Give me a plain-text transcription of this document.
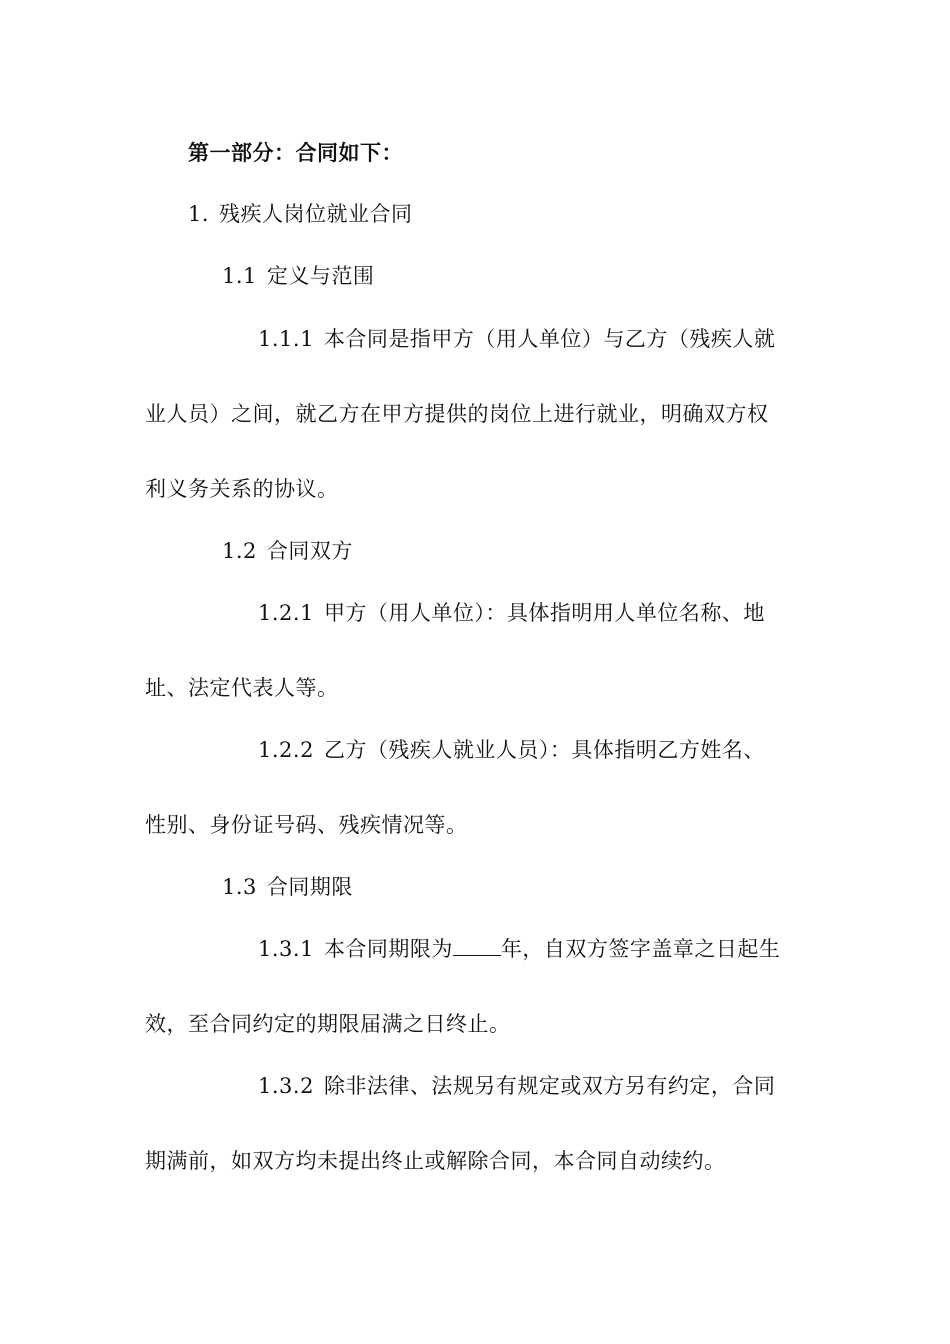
第一部分：合同如下：
1. 残疾人岗位就业合同
1.1 定义与范围
1.1.1 本合同是指甲方（用人单位）与乙方（残疾人就
业人员）之间，就乙方在甲方提供的岗位上进行就业，明确双方权
利义务关系的协议。
1.2 合同双方
1.2.1 甲方（用人单位）：具体指明用人单位名称、地
址、法定代表人等。
1.2.2 乙方（残疾人就业人员）：具体指明乙方姓名、
性别、身份证号码、残疾情况等。
1.3 合同期限
1.3.1 本合同期限为 年，自双方签字盖章之日起生
效，至合同约定的期限届满之日终止。
1.3.2 除非法律、法规另有规定或双方另有约定，合同
期满前，如双方均未提出终止或解除合同，本合同自动续约。
